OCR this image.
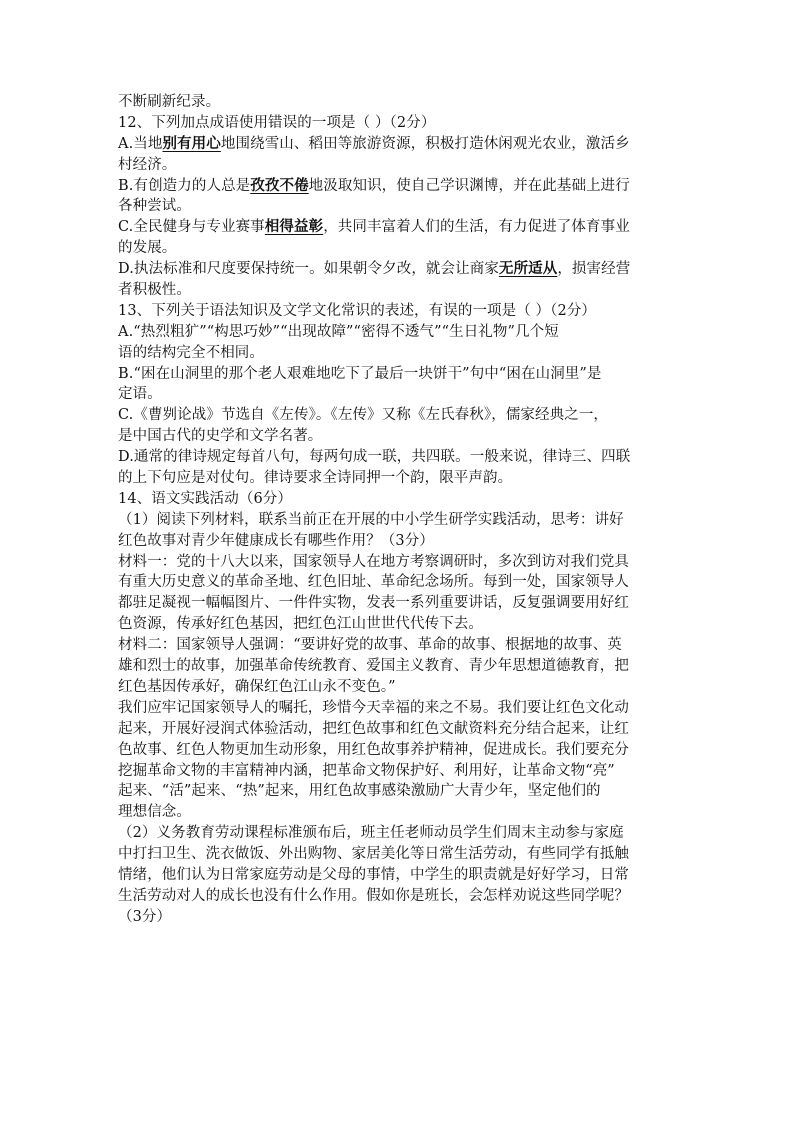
不断刷新纪录。
12、下列加点成语使用错误的一项是（ ）（2分）
A.当地别有用心地围绕雪山、稻田等旅游资源，积极打造休闲观光农业，激活乡
村经济。
B.有创造力的人总是孜孜不倦地汲取知识，使自己学识渊博，并在此基础上进行
各种尝试。
C.全民健身与专业赛事相得益彰，共同丰富着人们的生活，有力促进了体育事业
的发展。
D.执法标准和尺度要保持统一。如果朝令夕改，就会让商家无所适从，损害经营
者积极性。
13、下列关于语法知识及文学文化常识的表述，有误的一项是（ ）（2分）
A.“热烈粗犷”“构思巧妙”“出现故障”“密得不透气”“生日礼物”几个短
语的结构完全不相同。
B.“困在山洞里的那个老人艰难地吃下了最后一块饼干”句中“困在山洞里”是
定语。
C.《曹刿论战》节选自《左传》。《左传》又称《左氏春秋》，儒家经典之一，
是中国古代的史学和文学名著。
D.通常的律诗规定每首八句，每两句成一联，共四联。一般来说，律诗三、四联
的上下句应是对仗句。律诗要求全诗同押一个韵，限平声韵。
14、语文实践活动（6分）
（1）阅读下列材料，联系当前正在开展的中小学生研学实践活动，思考：讲好
红色故事对青少年健康成长有哪些作用？（3分）
材料一：党的十八大以来，国家领导人在地方考察调研时，多次到访对我们党具
有重大历史意义的革命圣地、红色旧址、革命纪念场所。每到一处，国家领导人
都驻足凝视一幅幅图片、一件件实物，发表一系列重要讲话，反复强调要用好红
色资源，传承好红色基因，把红色江山世世代代传下去。
材料二：国家领导人强调：“要讲好党的故事、革命的故事、根据地的故事、英
雄和烈士的故事，加强革命传统教育、爱国主义教育、青少年思想道德教育，把
红色基因传承好，确保红色江山永不变色。”
我们应牢记国家领导人的嘱托，珍惜今天幸福的来之不易。我们要让红色文化动
起来，开展好浸润式体验活动，把红色故事和红色文献资料充分结合起来，让红
色故事、红色人物更加生动形象，用红色故事养护精神，促进成长。我们要充分
挖掘革命文物的丰富精神内涵，把革命文物保护好、利用好，让革命文物“亮”
起来、“活”起来、“热”起来，用红色故事感染激励广大青少年，坚定他们的
理想信念。
（2）义务教育劳动课程标准颁布后，班主任老师动员学生们周末主动参与家庭
中打扫卫生、洗衣做饭、外出购物、家居美化等日常生活劳动，有些同学有抵触
情绪，他们认为日常家庭劳动是父母的事情，中学生的职责就是好好学习，日常
生活劳动对人的成长也没有什么作用。假如你是班长，会怎样劝说这些同学呢？
（3分）
